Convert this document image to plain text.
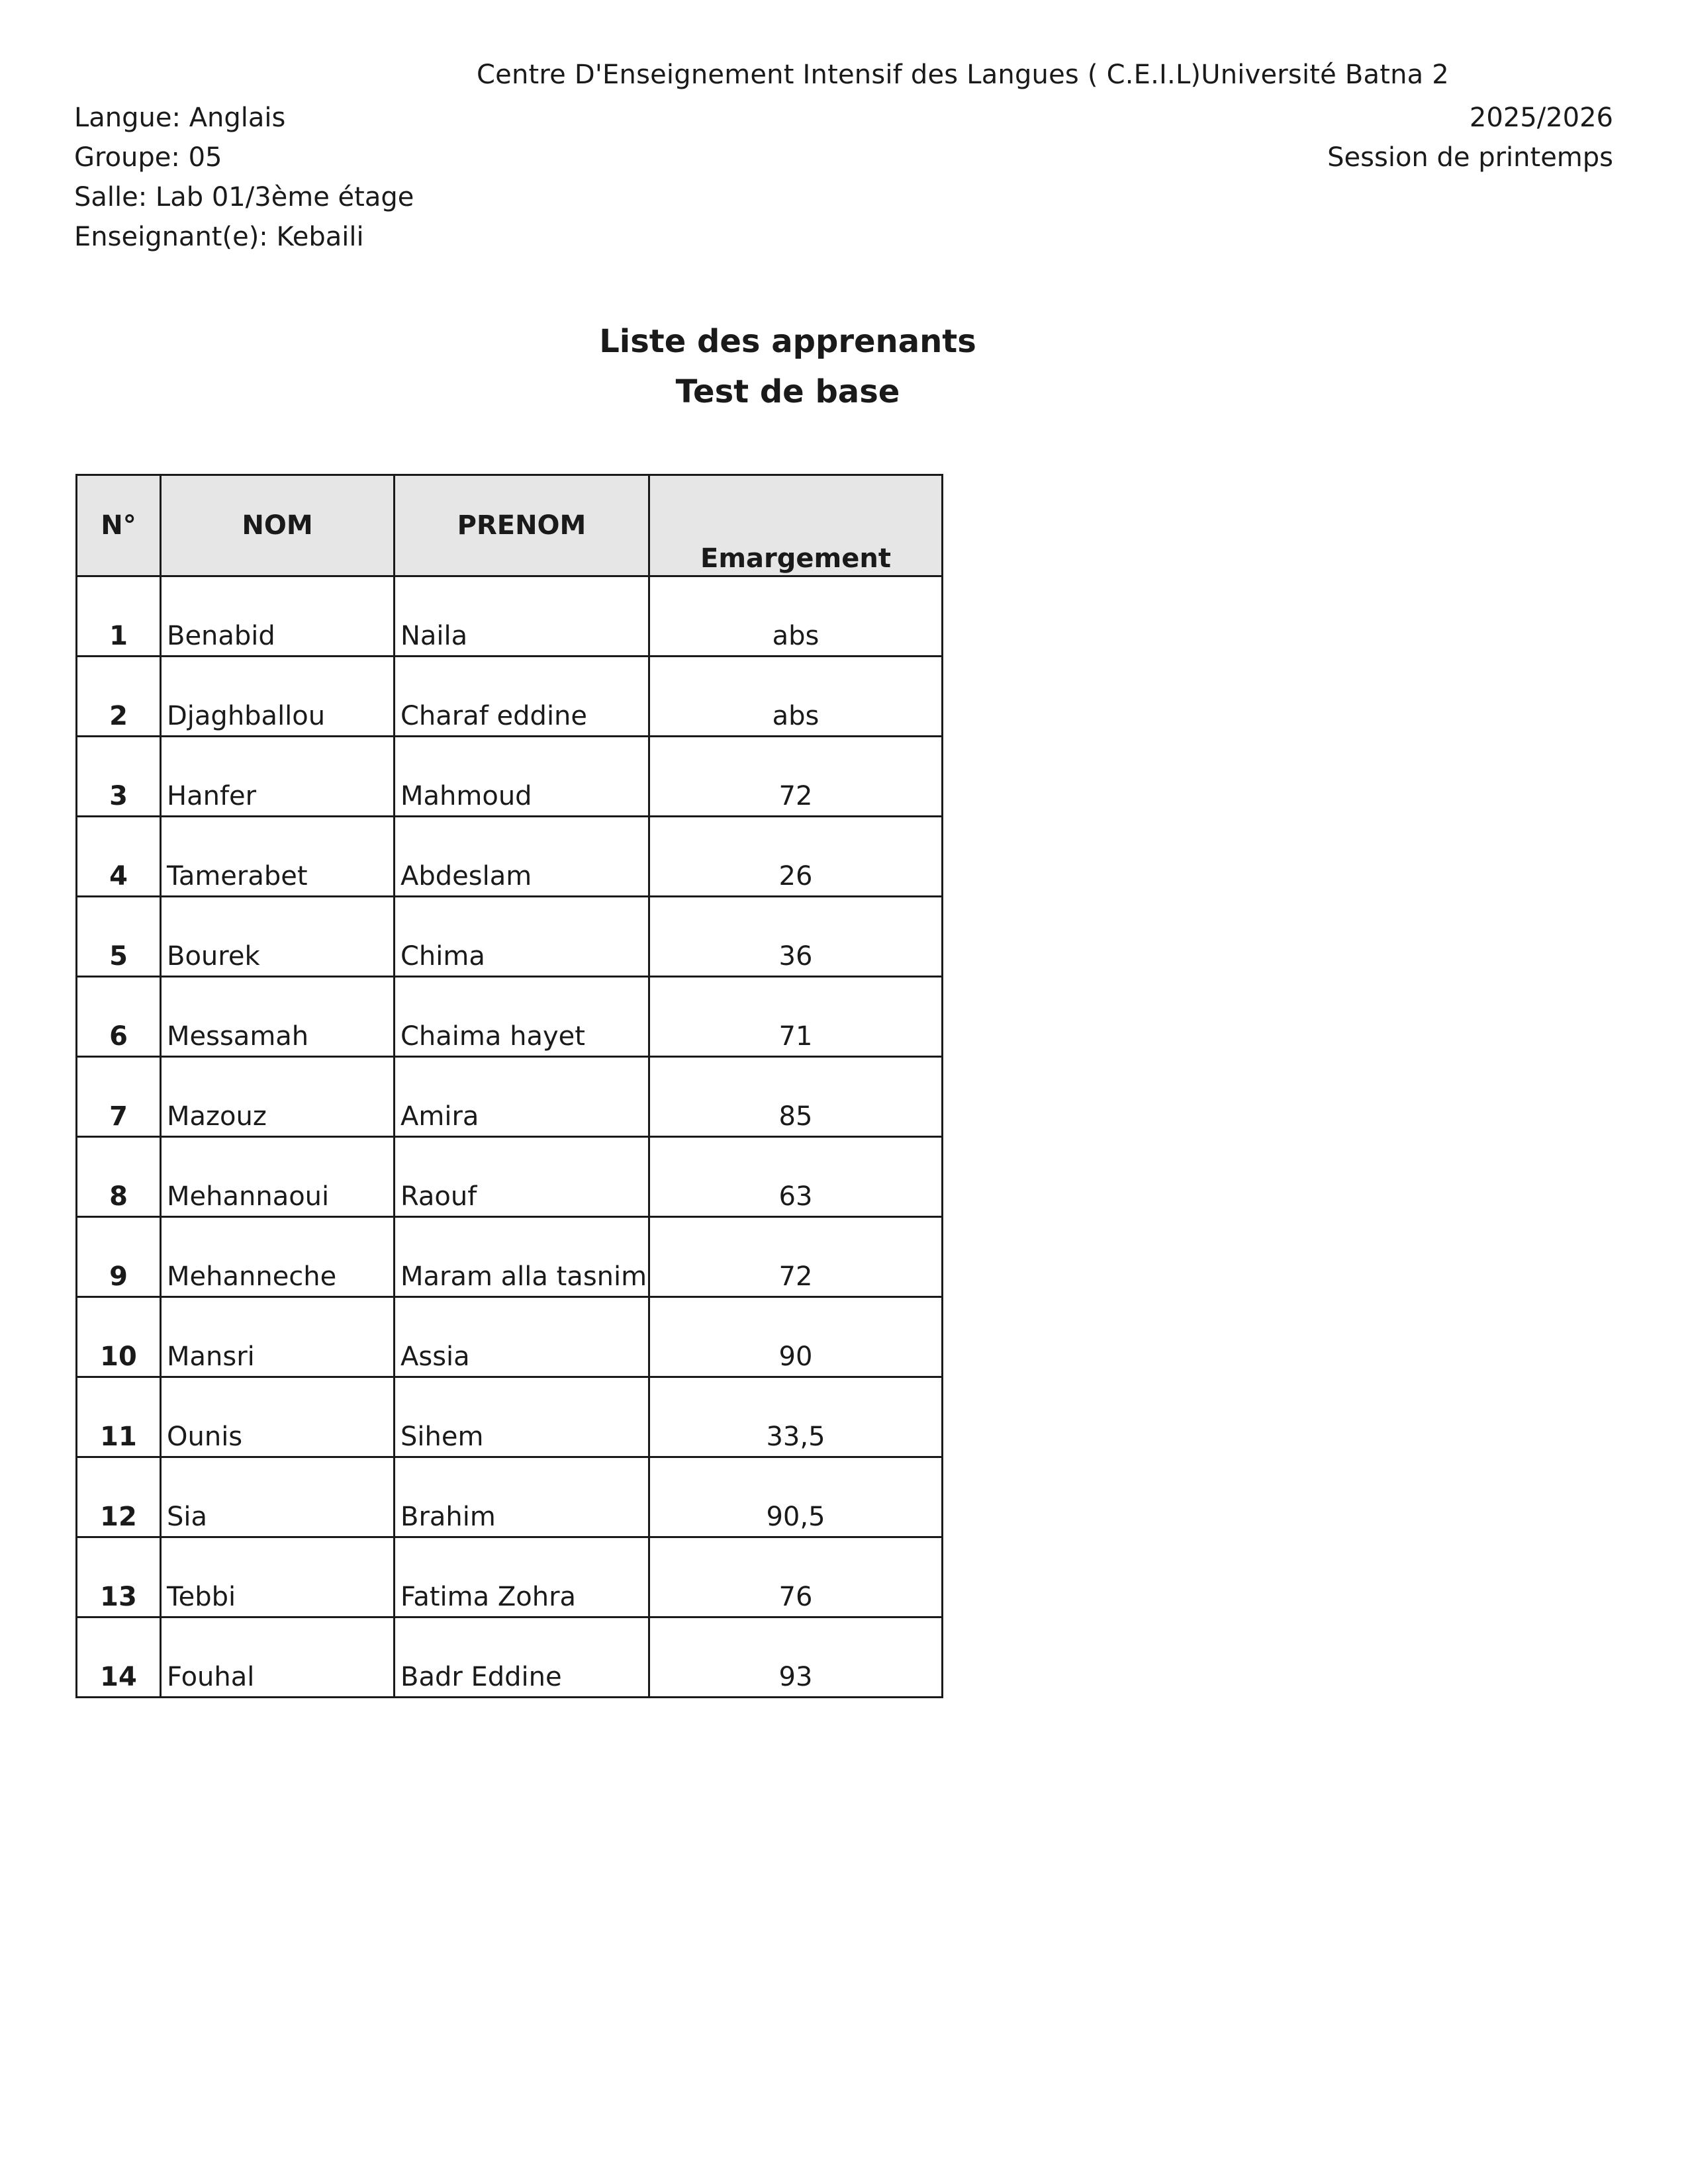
Centre D'Enseignement Intensif des Langues ( C.E.I.L)Université Batna 2
Langue: Anglais
Groupe: 05
Salle: Lab 01/3ème étage
Enseignant(e): Kebaili
2025/2026
Session de printemps
Liste des apprenants
Test de base
N°	NOM	PRENOM	Emargement
1	Benabid	Naila	abs
2	Djaghballou	Charaf eddine	abs
3	Hanfer	Mahmoud	72
4	Tamerabet	Abdeslam	26
5	Bourek	Chima	36
6	Messamah	Chaima hayet	71
7	Mazouz	Amira	85
8	Mehannaoui	Raouf	63
9	Mehanneche	Maram alla tasnim	72
10	Mansri	Assia	90
11	Ounis	Sihem	33,5
12	Sia	Brahim	90,5
13	Tebbi	Fatima Zohra	76
14	Fouhal	Badr Eddine	93
